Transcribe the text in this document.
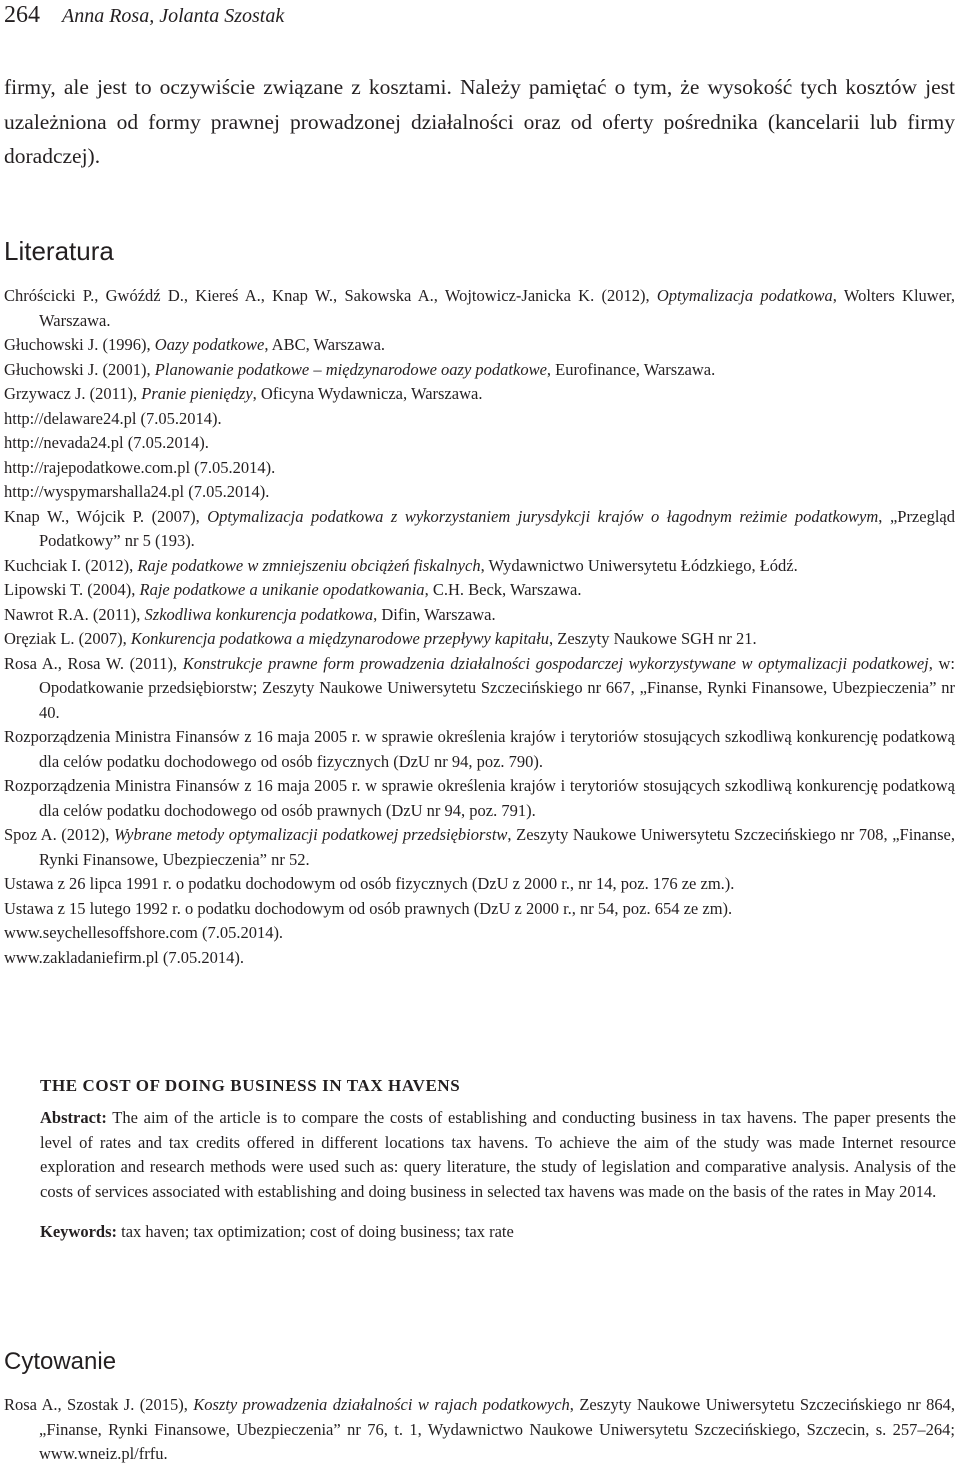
264 Anna Rosa, Jolanta Szostak

firmy, ale jest to oczywiście związane z kosztami. Należy pamiętać o tym, że wysokość tych kosztów jest uzależniona od formy prawnej prowadzonej działalności oraz od oferty pośrednika (kancelarii lub firmy doradczej).

Literatura
Chróścicki P., Gwóźdź D., Kiereś A., Knap W., Sakowska A., Wojtowicz-Janicka K. (2012), Optymalizacja podatkowa, Wolters Kluwer, Warszawa.
Głuchowski J. (1996), Oazy podatkowe, ABC, Warszawa.
Głuchowski J. (2001), Planowanie podatkowe – międzynarodowe oazy podatkowe, Eurofinance, Warszawa.
Grzywacz J. (2011), Pranie pieniędzy, Oficyna Wydawnicza, Warszawa.
http://delaware24.pl (7.05.2014).
http://nevada24.pl (7.05.2014).
http://rajepodatkowe.com.pl (7.05.2014).
http://wyspymarshalla24.pl (7.05.2014).
Knap W., Wójcik P. (2007), Optymalizacja podatkowa z wykorzystaniem jurysdykcji krajów o łagodnym reżimie podatkowym, „Przegląd Podatkowy” nr 5 (193).
Kuchciak I. (2012), Raje podatkowe w zmniejszeniu obciążeń fiskalnych, Wydawnictwo Uniwersytetu Łódzkiego, Łódź.
Lipowski T. (2004), Raje podatkowe a unikanie opodatkowania, C.H. Beck, Warszawa.
Nawrot R.A. (2011), Szkodliwa konkurencja podatkowa, Difin, Warszawa.
Oręziak L. (2007), Konkurencja podatkowa a międzynarodowe przepływy kapitału, Zeszyty Naukowe SGH nr 21.
Rosa A., Rosa W. (2011), Konstrukcje prawne form prowadzenia działalności gospodarczej wykorzystywane w optymalizacji podatkowej, w: Opodatkowanie przedsiębiorstw; Zeszyty Naukowe Uniwersytetu Szczecińskiego nr 667, „Finanse, Rynki Finansowe, Ubezpieczenia” nr 40.
Rozporządzenia Ministra Finansów z 16 maja 2005 r. w sprawie określenia krajów i terytoriów stosujących szkodliwą konkurencję podatkową dla celów podatku dochodowego od osób fizycznych (DzU nr 94, poz. 790).
Rozporządzenia Ministra Finansów z 16 maja 2005 r. w sprawie określenia krajów i terytoriów stosujących szkodliwą konkurencję podatkową dla celów podatku dochodowego od osób prawnych (DzU nr 94, poz. 791).
Spoz A. (2012), Wybrane metody optymalizacji podatkowej przedsiębiorstw, Zeszyty Naukowe Uniwersytetu Szczecińskiego nr 708, „Finanse, Rynki Finansowe, Ubezpieczenia” nr 52.
Ustawa z 26 lipca 1991 r. o podatku dochodowym od osób fizycznych (DzU z 2000 r., nr 14, poz. 176 ze zm.).
Ustawa z 15 lutego 1992 r. o podatku dochodowym od osób prawnych (DzU z 2000 r., nr 54, poz. 654 ze zm).
www.seychellesoffshore.com (7.05.2014).
www.zakladaniefirm.pl (7.05.2014).
THE COST OF DOING BUSINESS IN TAX HAVENS

Abstract: The aim of the article is to compare the costs of establishing and conducting business in tax havens. The paper presents the level of rates and tax credits offered in different locations tax havens. To achieve the aim of the study was made Internet resource exploration and research methods were used such as: query literature, the study of legislation and comparative analysis. Analysis of the costs of services associated with establishing and doing business in selected tax havens was made on the basis of the rates in May 2014.

Keywords: tax haven; tax optimization; cost of doing business; tax rate

Cytowanie

Rosa A., Szostak J. (2015), Koszty prowadzenia działalności w rajach podatkowych, Zeszyty Naukowe Uniwersytetu Szczecińskiego nr 864, „Finanse, Rynki Finansowe, Ubezpieczenia” nr 76, t. 1, Wydawnictwo Naukowe Uniwersytetu Szczecińskiego, Szczecin, s. 257–264; www.wneiz.pl/frfu.
